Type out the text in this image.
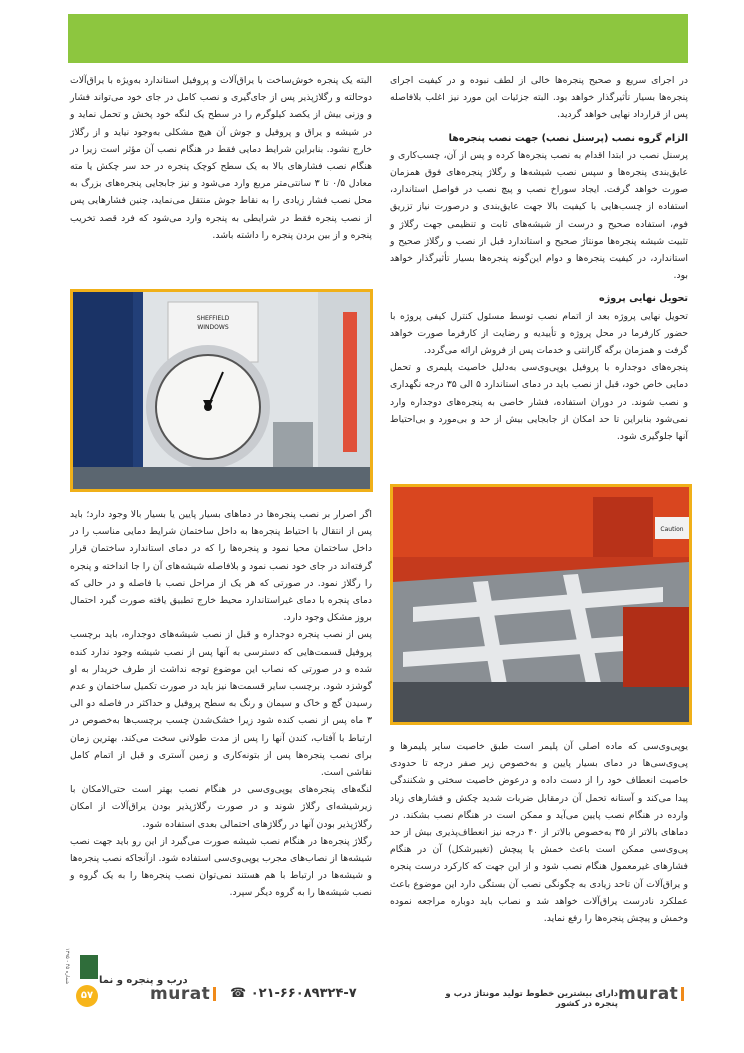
در اجرای سریع و صحیح پنجره‌ها خالی از لطف نبوده و در کیفیت اجرای پنجره‌ها بسیار تأثیرگذار خواهد بود. البته جزئیات این مورد نیز اغلب بلافاصله پس از قرارداد نهایی خواهد گردید.

الزام گروه نصب (پرسنل نصب) جهت نصب پنجره‌ها

پرسنل نصب در ابتدا اقدام به نصب پنجره‌ها کرده و پس از آن، چسب‌کاری و عایق‌بندی پنجره‌ها و سپس نصب شیشه‌ها و رگلاژ پنجره‌های فوق همزمان صورت خواهد گرفت. ایجاد سوراخ نصب و پیچ نصب در فواصل استاندارد، استفاده از چسب‌هایی با کیفیت بالا جهت عایق‌بندی و درصورت نیاز تزریق فوم، استفاده صحیح و درست از شیشه‌های ثابت و تنظیمی جهت رگلاژ و تثبیت شیشه پنجره‌ها مونتاژ صحیح و استاندارد قبل از نصب و رگلاژ صحیح و استاندارد، در کیفیت پنجره‌ها و دوام این‌گونه پنجره‌ها بسیار تأثیرگذار خواهد بود.

تحویل نهایی پروژه

تحویل نهایی پروژه بعد از اتمام نصب توسط مسئول کنترل کیفی پروژه با حضور کارفرما در محل پروژه و تأییدیه و رضایت از کارفرما صورت خواهد گرفت و همزمان برگه گارانتی و خدمات پس از فروش ارائه می‌گردد.

پنجره‌های دوجداره با پروفیل یوپی‌وی‌سی به‌دلیل خاصیت پلیمری و تحمل دمایی خاص خود، قبل از نصب باید در دمای استاندارد ۵ الی ۳۵ درجه نگهداری و نصب شوند. در دوران استفاده، فشار خاصی به پنجره‌های دوجداره وارد نمی‌شود بنابراین تا حد امکان از جابجایی بیش از حد و بی‌مورد و بی‌احتیاط آنها جلوگیری شود.

البته یک پنجره خوش‌ساخت با یراق‌آلات و پروفیل استاندارد به‌ویژه با یراق‌آلات دوحالته و رگلاژپذیر پس از جای‌گیری و نصب کامل در جای خود می‌تواند فشار و وزنی بیش از یکصد کیلوگرم را در سطح یک لنگه خود پخش و تحمل نماید و در شیشه و یراق و پروفیل و جوش آن هیچ مشکلی به‌وجود نیاید و از رگلاژ خارج نشود. بنابراین شرایط دمایی فقط در هنگام نصب آن مؤثر است زیرا در هنگام نصب فشارهای بالا به یک سطح کوچک پنجره در حد سر چکش یا مته معادل ۰/۵ تا ۳ سانتی‌متر مربع وارد می‌شود و نیز جابجایی پنجره‌های بزرگ به محل نصب فشار زیادی را به نقاط جوش منتقل می‌نماید، چنین فشارهایی پس از نصب پنجره فقط در شرایطی به پنجره وارد می‌شود که فرد قصد تخریب پنجره و از بین بردن پنجره را داشته باشد.

SHEFFIELD
WINDOWS

اگر اصرار بر نصب پنجره‌ها در دماهای بسیار پایین یا بسیار بالا وجود دارد؛ باید پس از انتقال با احتیاط پنجره‌ها به داخل ساختمان شرایط دمایی مناسب را در داخل ساختمان محیا نمود و پنجره‌ها را که در دمای استاندارد ساختمان قرار گرفته‌اند در جای خود نصب نمود و بلافاصله شیشه‌های آن را جا انداخته و پنجره را رگلاژ نمود. در صورتی که هر یک از مراحل نصب با فاصله و در حالی که دمای پنجره با دمای غیراستاندارد محیط خارج تطبیق یافته صورت گیرد احتمال بروز مشکل وجود دارد.

پس از نصب پنجره دوجداره و قبل از نصب شیشه‌های دوجداره، باید برچسب پروفیل قسمت‌هایی که دسترسی به آنها پس از نصب شیشه وجود ندارد کنده شده و در صورتی که نصاب این موضوع توجه نداشت از طرف خریدار به او گوشزد شود. برچسب سایر قسمت‌ها نیز باید در صورت تکمیل ساختمان و عدم رسیدن گچ و خاک و سیمان و رنگ به سطح پروفیل و حداکثر در فاصله دو الی ۳ ماه پس از نصب کنده شود زیرا خشک‌شدن چسب برچسب‌ها به‌خصوص در ارتباط با آفتاب، کندن آنها را پس از مدت طولانی سخت می‌کند. بهترین زمان برای نصب پنجره‌ها پس از بتونه‌کاری و زمین آستری و قبل از اتمام کامل نقاشی است.

لنگه‌های پنجره‌های یوپی‌وی‌سی در هنگام نصب بهتر است حتی‌الامکان با زیرشیشه‌ای رگلاژ شوند و در صورت رگلاژپذیر بودن یراق‌آلات از امکان رگلاژپذیر بودن آنها در رگلاژهای احتمالی بعدی استفاده شود.

رگلاژ پنجره‌ها در هنگام نصب شیشه صورت می‌گیرد از این رو باید جهت نصب شیشه‌ها از نصاب‌های مجرب یوپی‌وی‌سی استفاده شود. ازآنجاکه نصب پنجره‌ها و شیشه‌ها در ارتباط با هم هستند نمی‌توان نصب پنجره‌ها را به یک گروه و نصب شیشه‌ها را به گروه دیگر سپرد.

Caution

یوپی‌وی‌سی که ماده اصلی آن پلیمر است طبق خاصیت سایر پلیمرها و پی‌وی‌سی‌ها در دمای بسیار پایین و به‌خصوص زیر صفر درجه تا حدودی خاصیت انعطاف خود را از دست داده و درعوض خاصیت سختی و شکنندگی پیدا می‌کند و آستانه تحمل آن درمقابل ضربات شدید چکش و فشارهای زیاد وارده در هنگام نصب پایین می‌آید و ممکن است در هنگام نصب بشکند. در دماهای بالاتر از ۳۵ به‌خصوص بالاتر از ۴۰ درجه نیز انعطاف‌پذیری بیش از حد پی‌وی‌سی ممکن است باعث خمش یا پیچش (تغییرشکل) آن در هنگام فشارهای غیرمعمول هنگام نصب شود و از این جهت که کارکرد درست پنجره و یراق‌آلات آن تاحد زیادی به چگونگی نصب آن بستگی دارد این موضوع باعث عملکرد نادرست یراق‌آلات خواهد شد و نصاب باید دوباره مراجعه نموده وخمش و پیچش پنجره‌ها را رفع نماید.

شماره ۴۵ - ۱۳۹۵	درب و پنجره و نما
۵۷	murat ☎ ۰۲۱-۶۶۰۸۹۳۲۴-۷	دارای بیشترین خطوط تولید مونتاژ درب و پنجره در کشور murat
